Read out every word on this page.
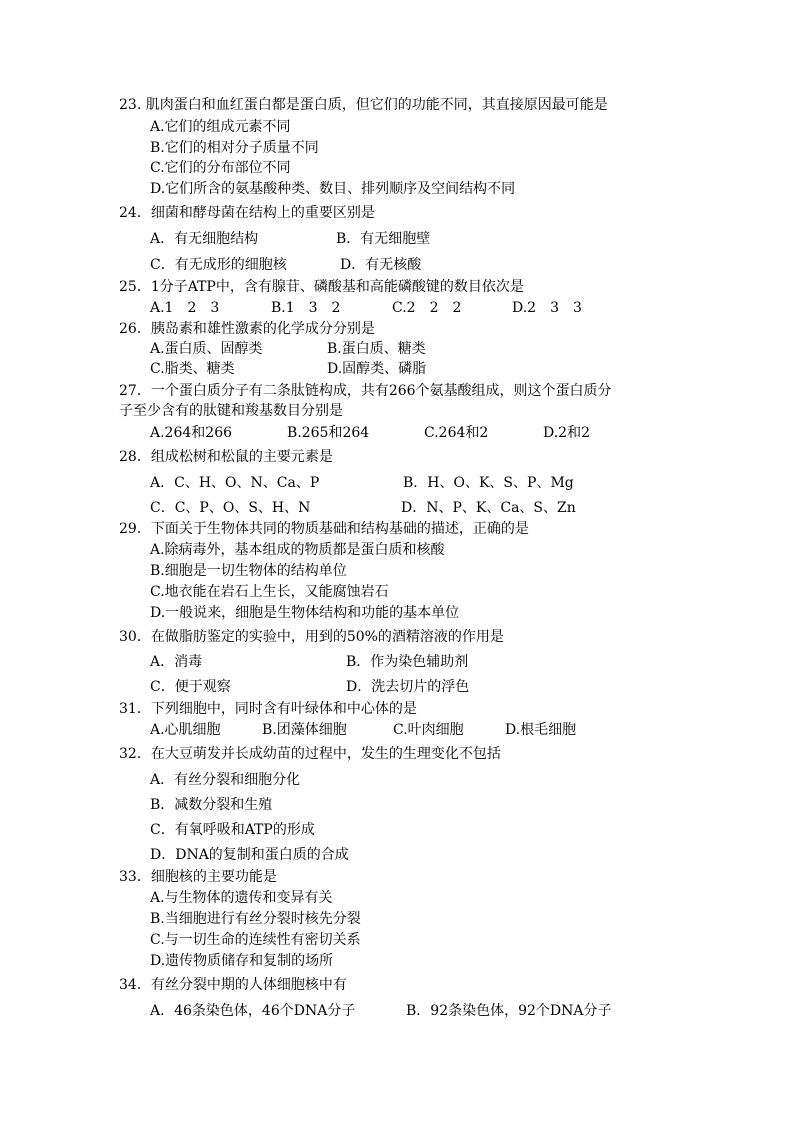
23. 肌肉蛋白和血红蛋白都是蛋白质，但它们的功能不同，其直接原因最可能是
A.它们的组成元素不同
B.它们的相对分子质量不同
C.它们的分布部位不同
D.它们所含的氨基酸种类、数目、排列顺序及空间结构不同
24．细菌和酵母菌在结构上的重要区别是
A．有无细胞结构	B．有无细胞壁
C．有无成形的细胞核	D．有无核酸
25．1分子ATP中，含有腺苷、磷酸基和高能磷酸键的数目依次是
A.1　2　3	B.1　3　2	C.2　2　2	D.2　3　3
26．胰岛素和雄性激素的化学成分分别是
A.蛋白质、固醇类	B.蛋白质、糖类
C.脂类、糖类	D.固醇类、磷脂
27．一个蛋白质分子有二条肽链构成，共有266个氨基酸组成，则这个蛋白质分
子至少含有的肽键和羧基数目分别是
A.264和266	B.265和264	C.264和2	D.2和2
28．组成松树和松鼠的主要元素是
A．C、H、O、N、Ca、P	B．H、O、K、S、P、Mg
C．C、P、O、S、H、N	D．N、P、K、Ca、S、Zn
29．下面关于生物体共同的物质基础和结构基础的描述，正确的是
A.除病毒外，基本组成的物质都是蛋白质和核酸
B.细胞是一切生物体的结构单位
C.地衣能在岩石上生长，又能腐蚀岩石
D.一般说来，细胞是生物体结构和功能的基本单位
30．在做脂肪鉴定的实验中，用到的50%的酒精溶液的作用是
A．消毒	B．作为染色辅助剂
C．便于观察	D．洗去切片的浮色
31．下列细胞中，同时含有叶绿体和中心体的是
A.心肌细胞	B.团藻体细胞	C.叶肉细胞	D.根毛细胞
32．在大豆萌发并长成幼苗的过程中，发生的生理变化不包括
A．有丝分裂和细胞分化
B．减数分裂和生殖
C．有氧呼吸和ATP的形成
D．DNA的复制和蛋白质的合成
33．细胞核的主要功能是
A.与生物体的遗传和变异有关
B.当细胞进行有丝分裂时核先分裂
C.与一切生命的连续性有密切关系
D.遗传物质储存和复制的场所
34．有丝分裂中期的人体细胞核中有
A．46条染色体，46个DNA分子	B．92条染色体，92个DNA分子
